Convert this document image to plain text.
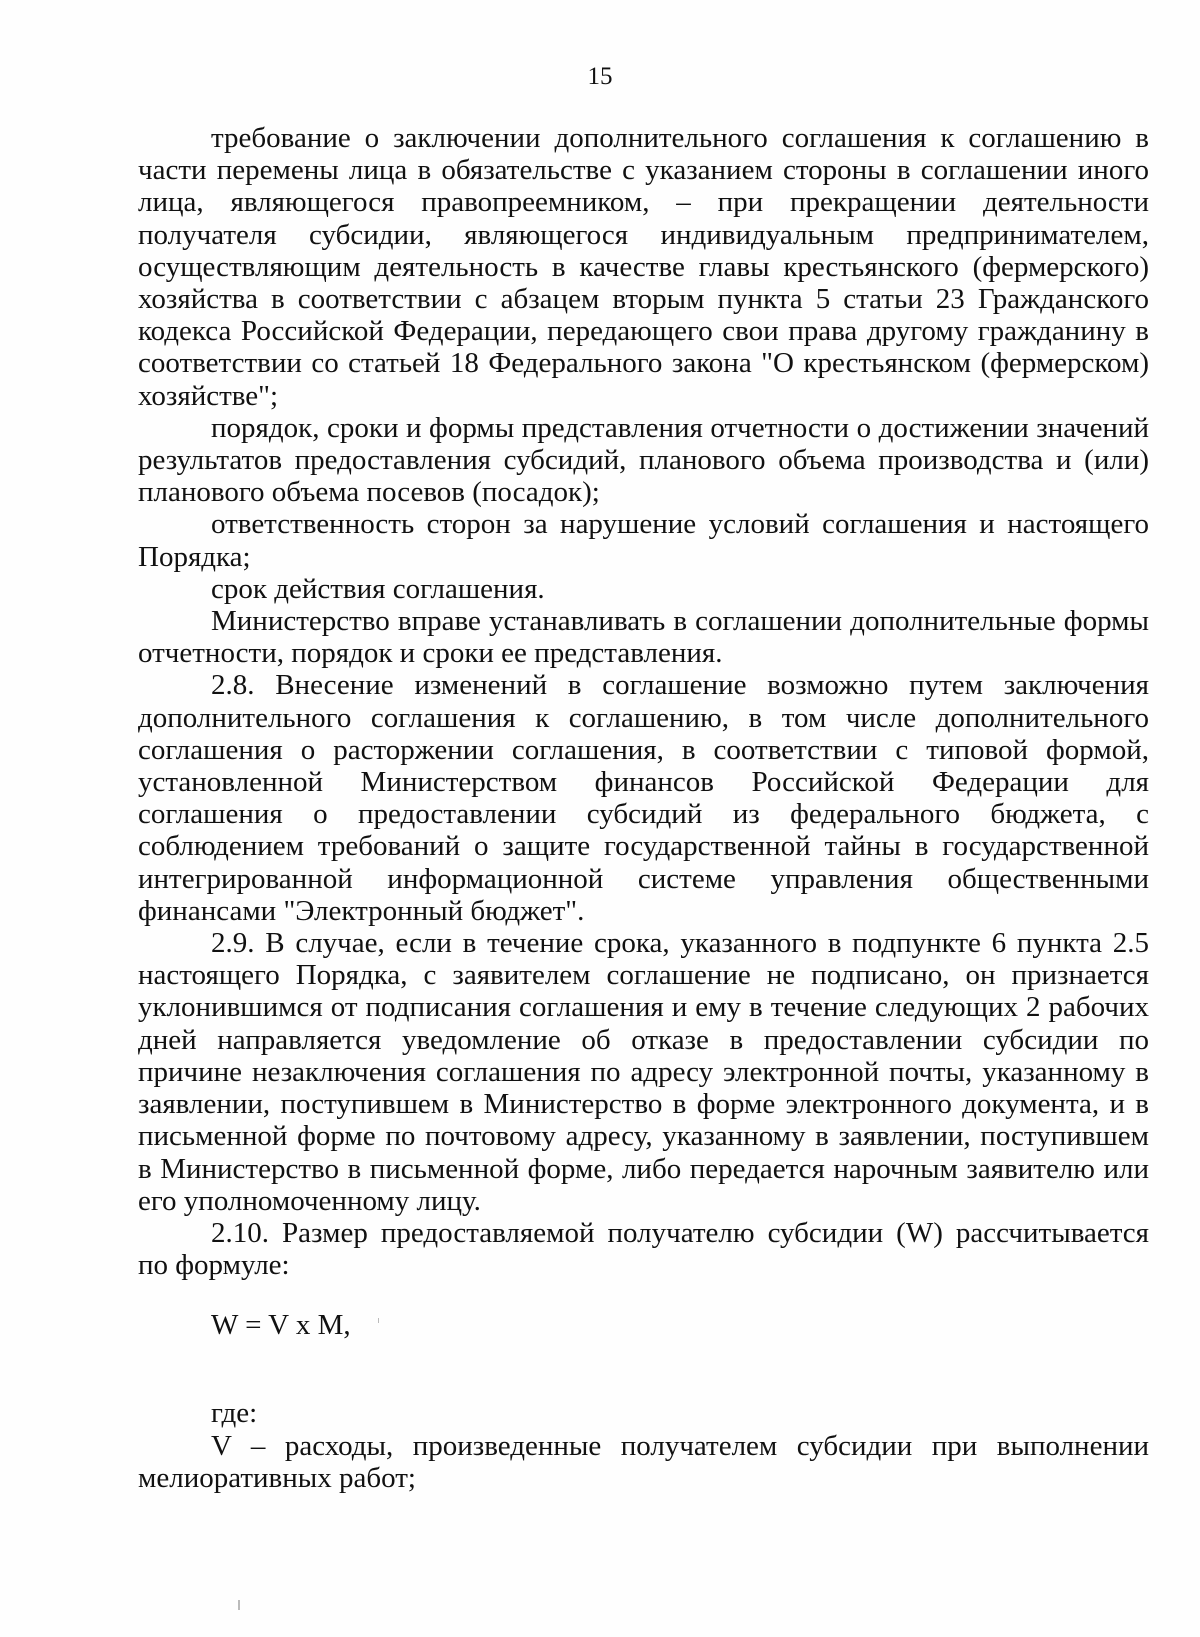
15

требование о заключении дополнительного соглашения к соглашению в части перемены лица в обязательстве с указанием стороны в соглашении иного лица, являющегося правопреемником, – при прекращении деятельности получателя субсидии, являющегося индивидуальным предпринимателем, осуществляющим деятельность в качестве главы крестьянского (фермерского) хозяйства в соответствии с абзацем вторым пункта 5 статьи 23 Гражданского кодекса Российской Федерации, передающего свои права другому гражданину в соответствии со статьей 18 Федерального закона "О крестьянском (фермерском) хозяйстве";

порядок, сроки и формы представления отчетности о достижении значений результатов предоставления субсидий, планового объема производства и (или) планового объема посевов (посадок);

ответственность сторон за нарушение условий соглашения и настоящего Порядка;

срок действия соглашения.

Министерство вправе устанавливать в соглашении дополнительные формы отчетности, порядок и сроки ее представления.

2.8. Внесение изменений в соглашение возможно путем заключения дополнительного соглашения к соглашению, в том числе дополнительного соглашения о расторжении соглашения, в соответствии с типовой формой, установленной Министерством финансов Российской Федерации для соглашения о предоставлении субсидий из федерального бюджета, с соблюдением требований о защите государственной тайны в государственной интегрированной информационной системе управления общественными финансами "Электронный бюджет".

2.9. В случае, если в течение срока, указанного в подпункте 6 пункта 2.5 настоящего Порядка, с заявителем соглашение не подписано, он признается уклонившимся от подписания соглашения и ему в течение следующих 2 рабочих дней направляется уведомление об отказе в предоставлении субсидии по причине незаключения соглашения по адресу электронной почты, указанному в заявлении, поступившем в Министерство в форме электронного документа, и в письменной форме по почтовому адресу, указанному в заявлении, поступившем в Министерство в письменной форме, либо передается нарочным заявителю или его уполномоченному лицу.

2.10. Размер предоставляемой получателю субсидии (W) рассчитывается по формуле:

W = V x M,

где:

V – расходы, произведенные получателем субсидии при выполнении мелиоративных работ;
